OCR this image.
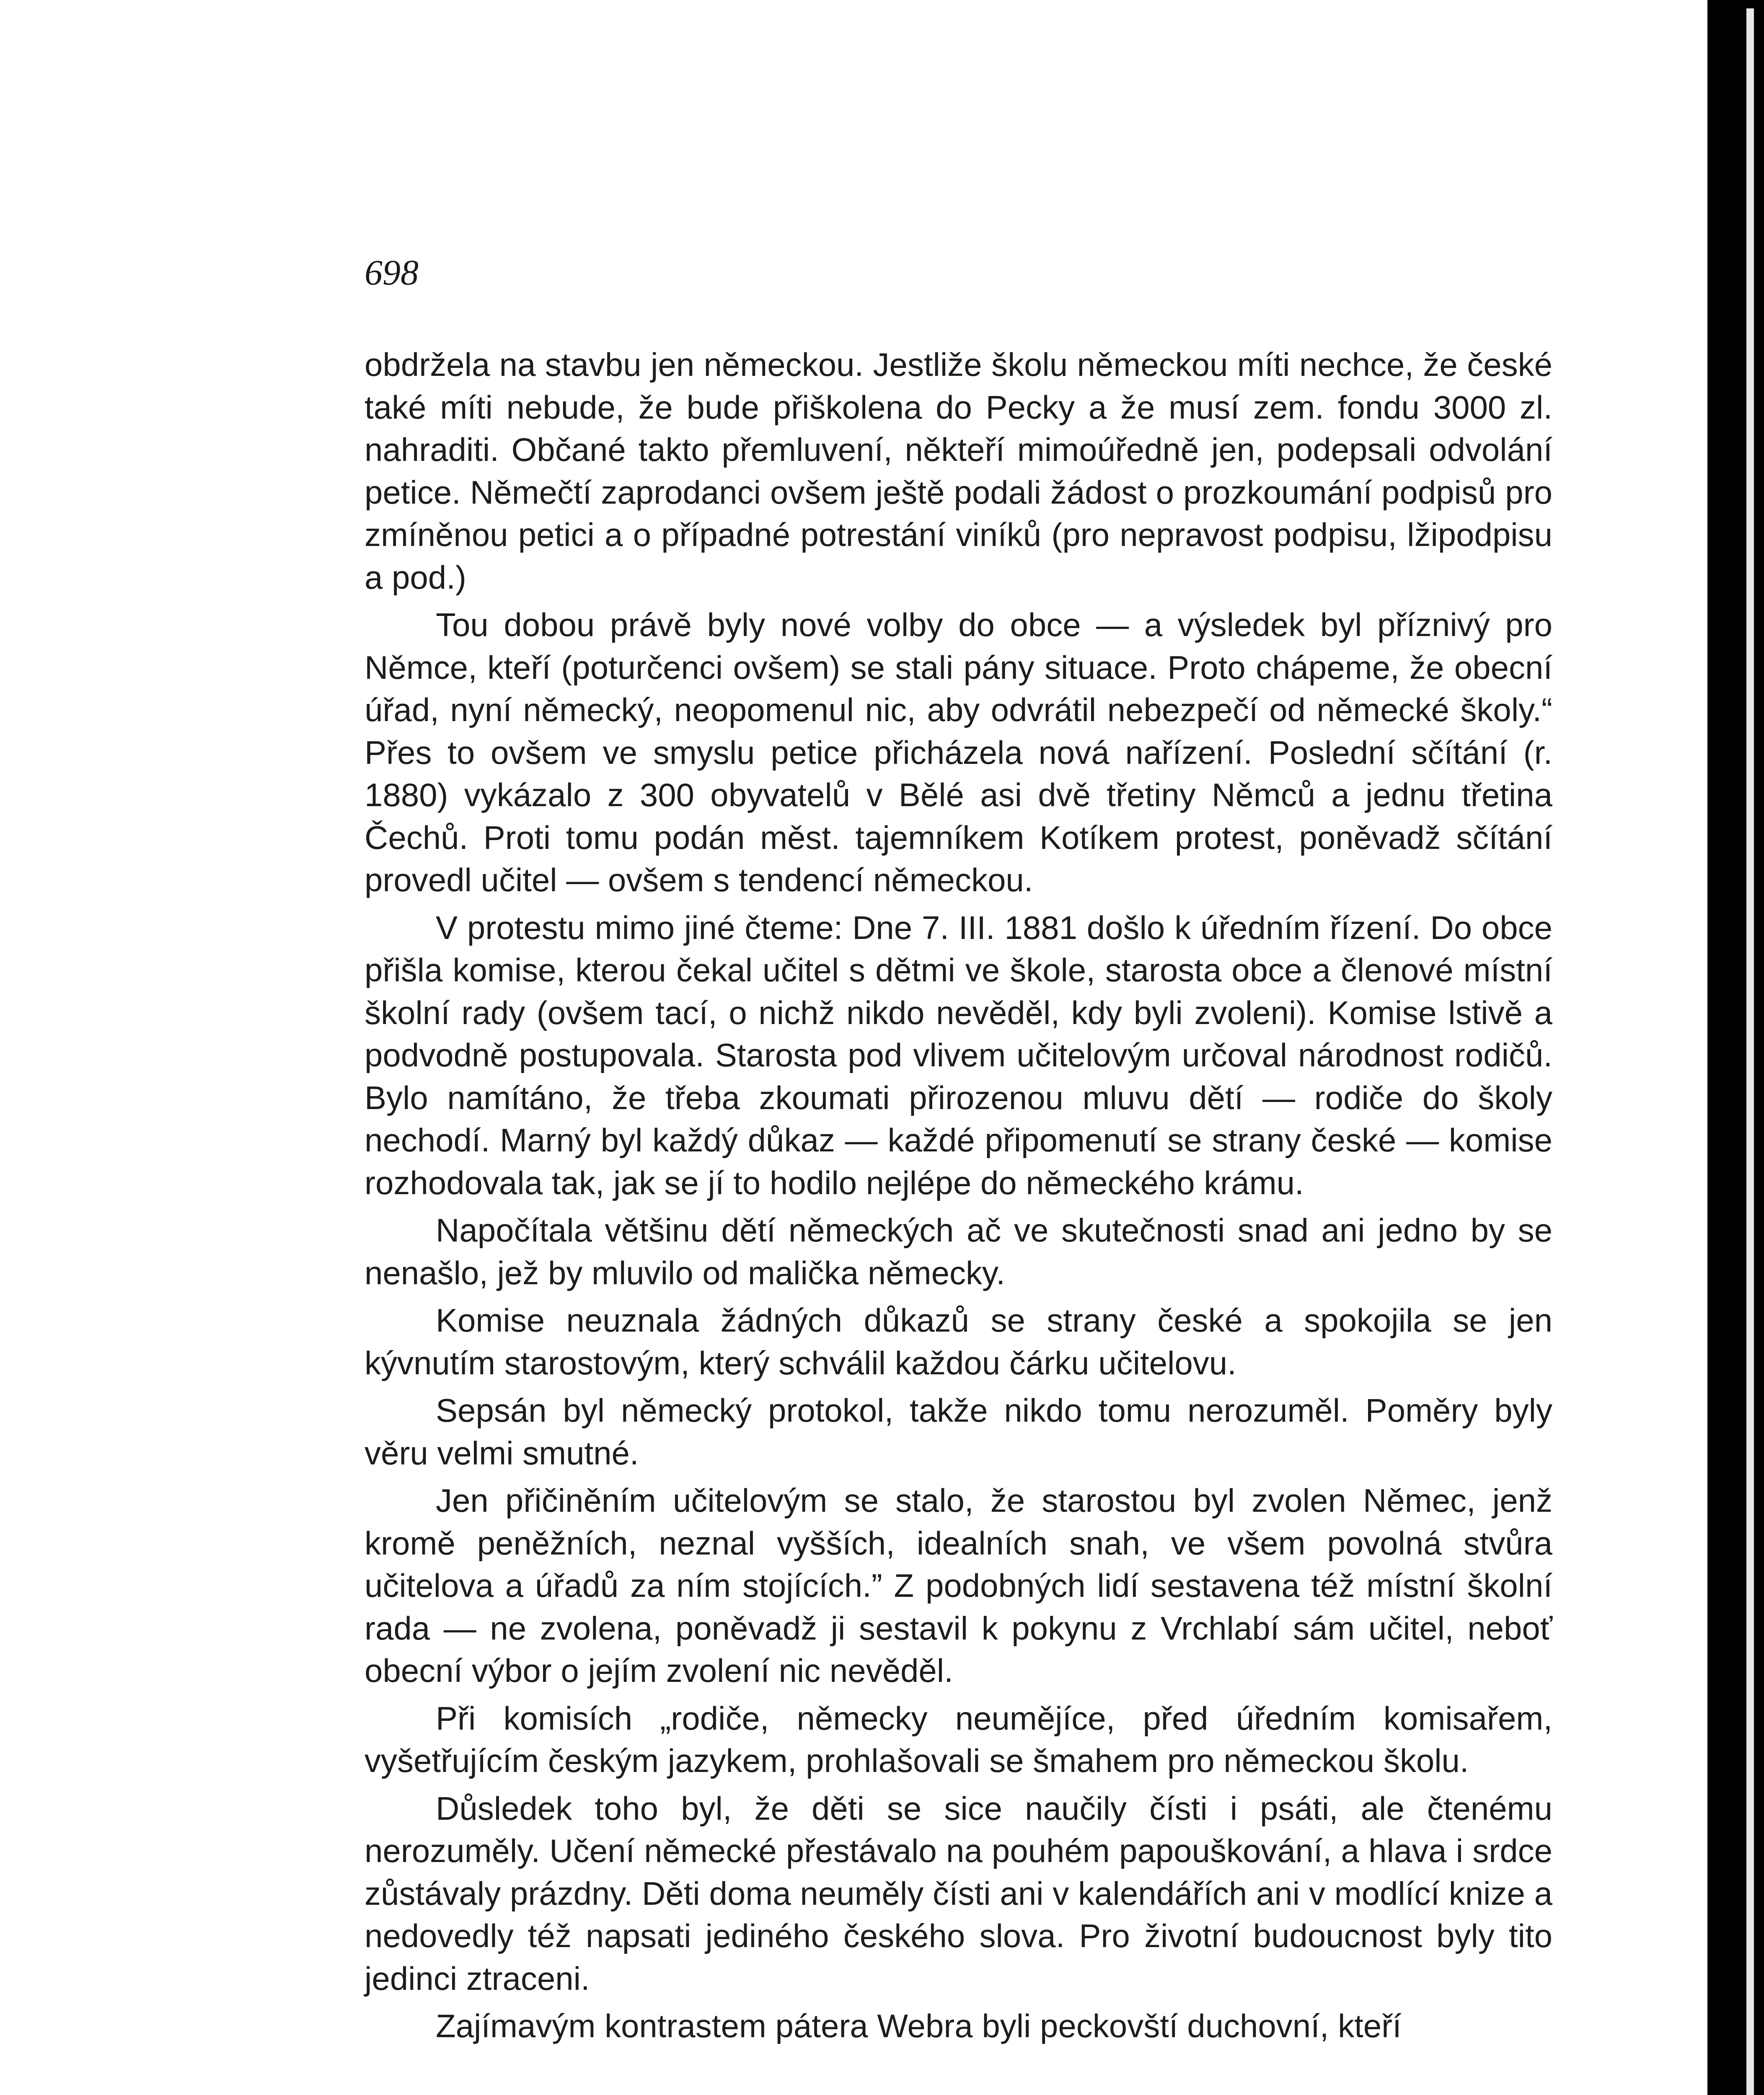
698

obdržela na stavbu jen německou. Jestliže školu německou míti nechce, že české také míti nebude, že bude přiškolena do Pecky a že musí zem. fondu 3000 zl. nahraditi. Občané takto přemluvení, někteří mimoúředně jen, podepsali odvolání petice. Němečtí zaprodanci ovšem ještě podali žádost o prozkoumání podpisů pro zmíněnou petici a o případné potrestání viníků (pro nepravost podpisu, lžipodpisu a pod.)

Tou dobou právě byly nové volby do obce — a výsledek byl příznivý pro Němce, kteří (poturčenci ovšem) se stali pány situace. Proto chápeme, že obecní úřad, nyní německý, neopomenul nic, aby odvrátil nebezpečí od německé školy.“ Přes to ovšem ve smyslu petice přicházela nová nařízení. Poslední sčítání (r. 1880) vykázalo z 300 obyvatelů v Bělé asi dvě třetiny Němců a jednu třetina Čechů. Proti tomu podán měst. tajemníkem Kotíkem protest, poněvadž sčítání provedl učitel — ovšem s tendencí německou.

V protestu mimo jiné čteme: Dne 7. III. 1881 došlo k úředním řízení. Do obce přišla komise, kterou čekal učitel s dětmi ve škole, starosta obce a členové místní školní rady (ovšem tací, o nichž nikdo nevěděl, kdy byli zvoleni). Komise lstivě a podvodně postupovala. Starosta pod vlivem učitelovým určoval národnost rodičů. Bylo namítáno, že třeba zkoumati přirozenou mluvu dětí — rodiče do školy nechodí. Marný byl každý důkaz — každé připomenutí se strany české — komise rozhodovala tak, jak se jí to hodilo nejlépe do německého krámu.

Napočítala většinu dětí německých ač ve skutečnosti snad ani jedno by se nenašlo, jež by mluvilo od malička německy.

Komise neuznala žádných důkazů se strany české a spokojila se jen kývnutím starostovým, který schválil každou čárku učitelovu.

Sepsán byl německý protokol, takže nikdo tomu nerozuměl. Poměry byly věru velmi smutné.

Jen přičiněním učitelovým se stalo, že starostou byl zvolen Němec, jenž kromě peněžních, neznal vyšších, idealních snah, ve všem povolná stvůra učitelova a úřadů za ním stojících.” Z podobných lidí sestavena též místní školní rada — ne zvolena, poněvadž ji sestavil k pokynu z Vrchlabí sám učitel, neboť obecní výbor o jejím zvolení nic nevěděl.

Při komisích „rodiče, německy neumějíce, před úředním komisařem, vyšetřujícím českým jazykem, prohlašovali se šmahem pro německou školu.

Důsledek toho byl, že děti se sice naučily čísti i psáti, ale čtenému nerozuměly. Učení německé přestávalo na pouhém papouškování, a hlava i srdce zůstávaly prázdny. Děti doma neuměly čísti ani v kalendářích ani v modlící knize a nedovedly též napsati jediného českého slova. Pro životní budoucnost byly tito jedinci ztraceni.

Zajímavým kontrastem pátera Webra byli peckovští duchovní, kteří
